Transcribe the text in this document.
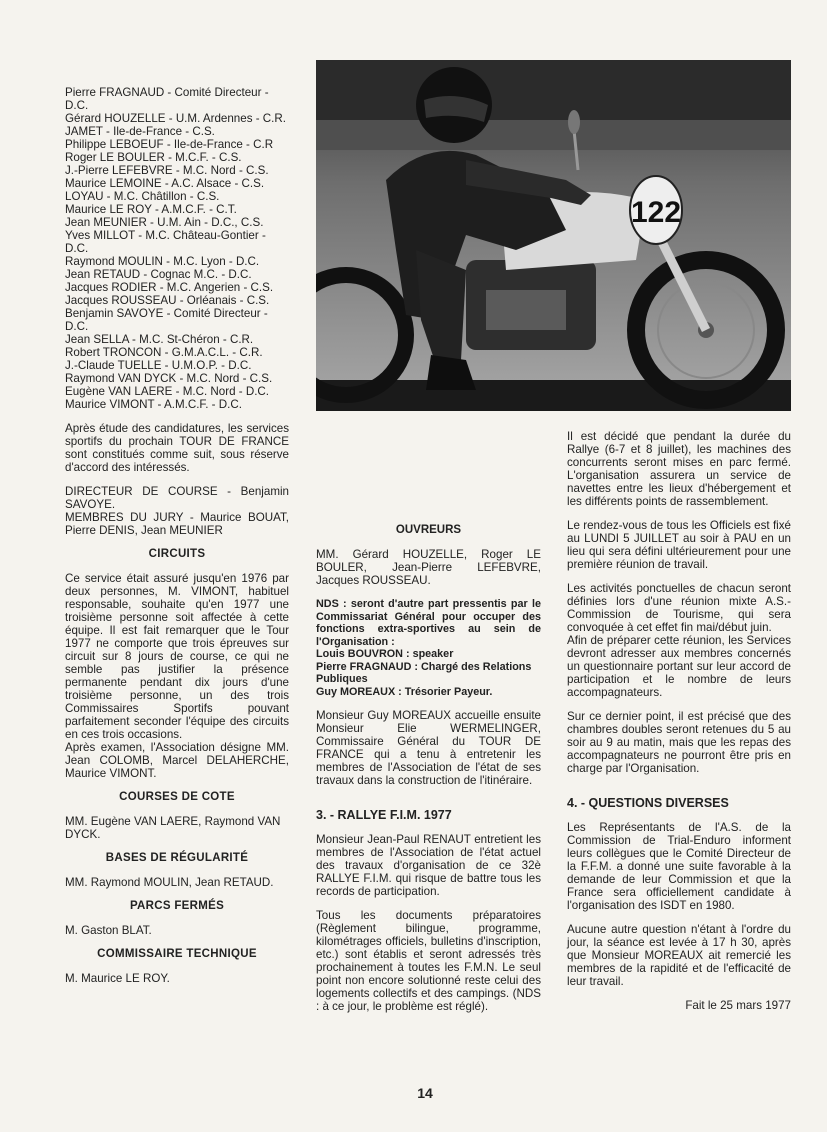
Pierre FRAGNAUD - Comité Directeur - D.C.

Gérard HOUZELLE - U.M. Ardennes - C.R.

JAMET - Ile-de-France - C.S.

Philippe LEBOEUF - Ile-de-France - C.R

Roger LE BOULER - M.C.F. - C.S.

J.-Pierre LEFEBVRE - M.C. Nord - C.S.

Maurice LEMOINE - A.C. Alsace - C.S.

LOYAU - M.C. Châtillon - C.S.

Maurice LE ROY - A.M.C.F. - C.T.

Jean MEUNIER - U.M. Ain - D.C., C.S.

Yves MILLOT - M.C. Château-Gontier - D.C.

Raymond MOULIN - M.C. Lyon - D.C.

Jean RETAUD - Cognac M.C. - D.C.

Jacques RODIER - M.C. Angerien - C.S.

Jacques ROUSSEAU - Orléanais - C.S.

Benjamin SAVOYE - Comité Directeur - D.C.

Jean SELLA - M.C. St-Chéron - C.R.

Robert TRONCON - G.M.A.C.L. - C.R.

J.-Claude TUELLE - U.M.O.P. - D.C.

Raymond VAN DYCK - M.C. Nord - C.S.

Eugène VAN LAERE - M.C. Nord - D.C.

Maurice VIMONT - A.M.C.F. - D.C.

Après étude des candidatures, les services sportifs du prochain TOUR DE FRANCE sont constitués comme suit, sous réserve d'accord des intéressés.

DIRECTEUR DE COURSE - Benjamin SAVOYE.

MEMBRES DU JURY - Maurice BOUAT, Pierre DENIS, Jean MEUNIER

CIRCUITS

Ce service était assuré jusqu'en 1976 par deux personnes, M. VIMONT, habituel responsable, souhaite qu'en 1977 une troisième personne soit affectée à cette équipe. Il est fait remarquer que le Tour 1977 ne comporte que trois épreuves sur circuit sur 8 jours de course, ce qui ne semble pas justifier la présence permanente pendant dix jours d'une troisième personne, un des trois Commissaires Sportifs pouvant parfaitement seconder l'équipe des circuits en ces trois occasions.

Après examen, l'Association désigne MM. Jean COLOMB, Marcel DELAHERCHE, Maurice VIMONT.

COURSES DE COTE

MM. Eugène VAN LAERE, Raymond VAN DYCK.

BASES DE RÉGULARITÉ

MM. Raymond MOULIN, Jean RETAUD.

PARCS FERMÉS

M. Gaston BLAT.

COMMISSAIRE TECHNIQUE

M. Maurice LE ROY.

122

OUVREURS

MM. Gérard HOUZELLE, Roger LE BOULER, Jean-Pierre LEFEBVRE, Jacques ROUSSEAU.

NDS : seront d'autre part pressentis par le Commissariat Général pour occuper des fonctions extra-sportives au sein de l'Organisation :

Louis BOUVRON : speaker

Pierre FRAGNAUD : Chargé des Relations Publiques

Guy MOREAUX : Trésorier Payeur.

Monsieur Guy MOREAUX accueille ensuite Monsieur Elie WERMELINGER, Commissaire Général du TOUR DE FRANCE qui a tenu à entretenir les membres de l'Association de l'état de ses travaux dans la construction de l'itinéraire.

3. - RALLYE F.I.M. 1977

Monsieur Jean-Paul RENAUT entretient les membres de l'Association de l'état actuel des travaux d'organisation de ce 32è RALLYE F.I.M. qui risque de battre tous les records de participation.

Tous les documents préparatoires (Règlement bilingue, programme, kilométrages officiels, bulletins d'inscription, etc.) sont établis et seront adressés très prochainement à toutes les F.M.N. Le seul point non encore solutionné reste celui des logements collectifs et des campings. (NDS : à ce jour, le problème est réglé).

Il est décidé que pendant la durée du Rallye (6-7 et 8 juillet), les machines des concurrents seront mises en parc fermé. L'organisation assurera un service de navettes entre les lieux d'hébergement et les différents points de rassemblement.

Le rendez-vous de tous les Officiels est fixé au LUNDI 5 JUILLET au soir à PAU en un lieu qui sera défini ultérieurement pour une première réunion de travail.

Les activités ponctuelles de chacun seront définies lors d'une réunion mixte A.S.-Commission de Tourisme, qui sera convoquée à cet effet fin mai/début juin.

Afin de préparer cette réunion, les Services devront adresser aux membres concernés un questionnaire portant sur leur accord de participation et le nombre de leurs accompagnateurs.

Sur ce dernier point, il est précisé que des chambres doubles seront retenues du 5 au soir au 9 au matin, mais que les repas des accompagnateurs ne pourront être pris en charge par l'Organisation.

4. - QUESTIONS DIVERSES

Les Représentants de l'A.S. de la Commission de Trial-Enduro informent leurs collègues que le Comité Directeur de la F.F.M. a donné une suite favorable à la demande de leur Commission et que la France sera officiellement candidate à l'organisation des ISDT en 1980.

Aucune autre question n'étant à l'ordre du jour, la séance est levée à 17 h 30, après que Monsieur MOREAUX ait remercié les membres de la rapidité et de l'efficacité de leur travail.

Fait le 25 mars 1977

14
